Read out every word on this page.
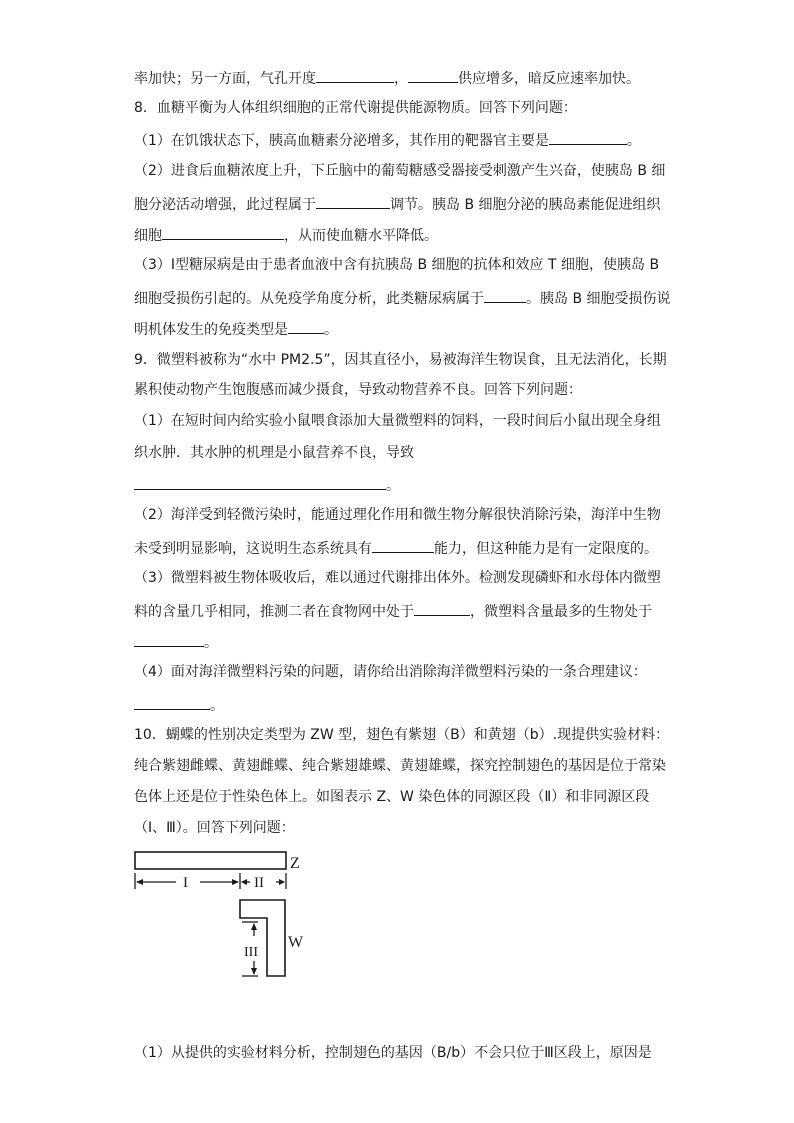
率加快；另一方面，气孔开度	，	供应增多，暗反应速率加快。
8．血糖平衡为人体组织细胞的正常代谢提供能源物质。回答下列问题：
（1）在饥饿状态下，胰高血糖素分泌增多，其作用的靶器官主要是	。
（2）进食后血糖浓度上升，下丘脑中的葡萄糖感受器接受刺激产生兴奋，使胰岛 B 细
胞分泌活动增强，此过程属于	调节。胰岛 B 细胞分泌的胰岛素能促进组织
细胞	，从而使血糖水平降低。
（3）Ⅰ型糖尿病是由于患者血液中含有抗胰岛 B 细胞的抗体和效应 T 细胞，使胰岛 B
细胞受损伤引起的。从免疫学角度分析，此类糖尿病属于	。胰岛 B 细胞受损伤说
明机体发生的免疫类型是	。
9．微塑料被称为“水中 PM2.5”，因其直径小，易被海洋生物误食，且无法消化，长期
累积使动物产生饱腹感而减少摄食，导致动物营养不良。回答下列问题：
（1）在短时间内给实验小鼠喂食添加大量微塑料的饲料，一段时间后小鼠出现全身组
织水肿．其水肿的机理是小鼠营养不良，导致
。
（2）海洋受到轻微污染时，能通过理化作用和微生物分解很快消除污染，海洋中生物
未受到明显影响，这说明生态系统具有	能力，但这种能力是有一定限度的。
（3）微塑料被生物体吸收后，难以通过代谢排出体外。检测发现磷虾和水母体内微塑
料的含量几乎相同，推测二者在食物网中处于	，微塑料含量最多的生物处于
。
（4）面对海洋微塑料污染的问题，请你给出消除海洋微塑料污染的一条合理建议：
。
10．蝴蝶的性别决定类型为 ZW 型，翅色有紫翅（B）和黄翅（b）.现提供实验材料：
纯合紫翅雌蝶、黄翅雌蝶、纯合紫翅雄蝶、黄翅雄蝶，探究控制翅色的基因是位于常染
色体上还是位于性染色体上。如图表示 Z、W 染色体的同源区段（Ⅱ）和非同源区段
（Ⅰ、Ⅲ）。回答下列问题：
（1）从提供的实验材料分析，控制翅色的基因（B/b）不会只位于Ⅲ区段上，原因是
Z
I	II
W
III
